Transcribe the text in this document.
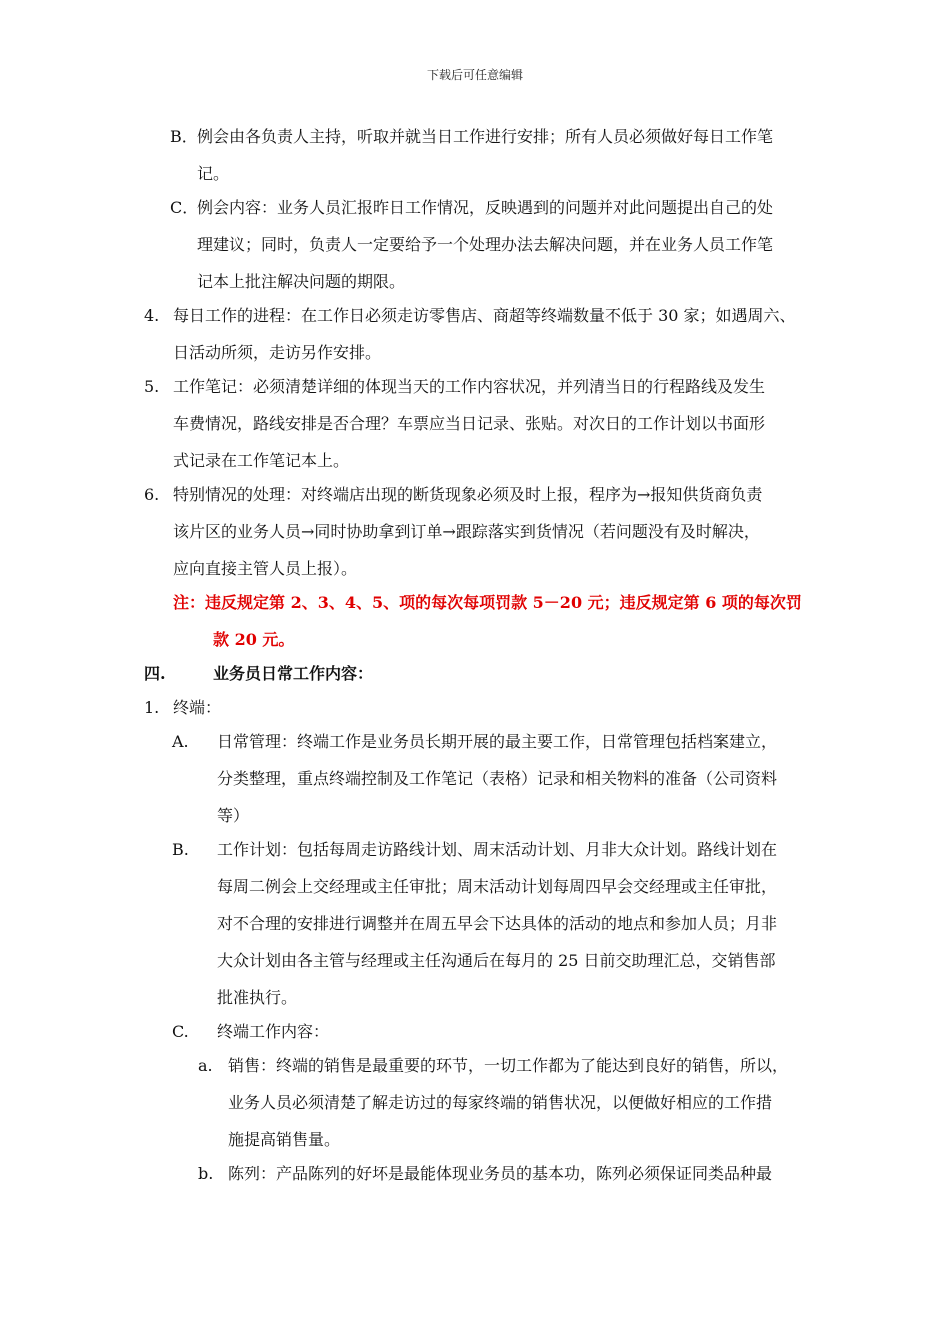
下载后可任意编辑
B． 例会由各负责人主持，听取并就当日工作进行安排；所有人员必须做好每日工作笔
记。
C．
例会内容：业务人员汇报昨日工作情况，反映遇到的问题并对此问题提出自己的处
理建议；同时，负责人一定要给予一个处理办法去解决问题，并在业务人员工作笔
记本上批注解决问题的期限。
4. 每日工作的进程：在工作日必须走访零售店、商超等终端数量不低于 30 家；如遇周六、
日活动所须，走访另作安排。
5. 工作笔记：必须清楚详细的体现当天的工作内容状况，并列清当日的行程路线及发生
车费情况，路线安排是否合理？车票应当日记录、张贴。对次日的工作计划以书面形
式记录在工作笔记本上。
6. 特别情况的处理：对终端店出现的断货现象必须及时上报，程序为→报知供货商负责
该片区的业务人员→同时协助拿到订单→跟踪落实到货情况（若问题没有及时解决，
应向直接主管人员上报）。
注：违反规定第 2、3、4、5、项的每次每项罚款 5－20 元；违反规定第 6 项的每次罚
款 20 元。
四.	业务员日常工作内容：
1. 终端：
A. 日常管理：终端工作是业务员长期开展的最主要工作，日常管理包括档案建立，
分类整理，重点终端控制及工作笔记（表格）记录和相关物料的准备（公司资料
等）
B. 工作计划：包括每周走访路线计划、周末活动计划、月非大众计划。路线计划在
每周二例会上交经理或主任审批；周末活动计划每周四早会交经理或主任审批，
对不合理的安排进行调整并在周五早会下达具体的活动的地点和参加人员；月非
大众计划由各主管与经理或主任沟通后在每月的 25 日前交助理汇总，交销售部
批准执行。
C. 终端工作内容：
a. 销售：终端的销售是最重要的环节，一切工作都为了能达到良好的销售，所以，
业务人员必须清楚了解走访过的每家终端的销售状况，以便做好相应的工作措
施提高销售量。
b. 陈列：产品陈列的好坏是最能体现业务员的基本功，陈列必须保证同类品种最
